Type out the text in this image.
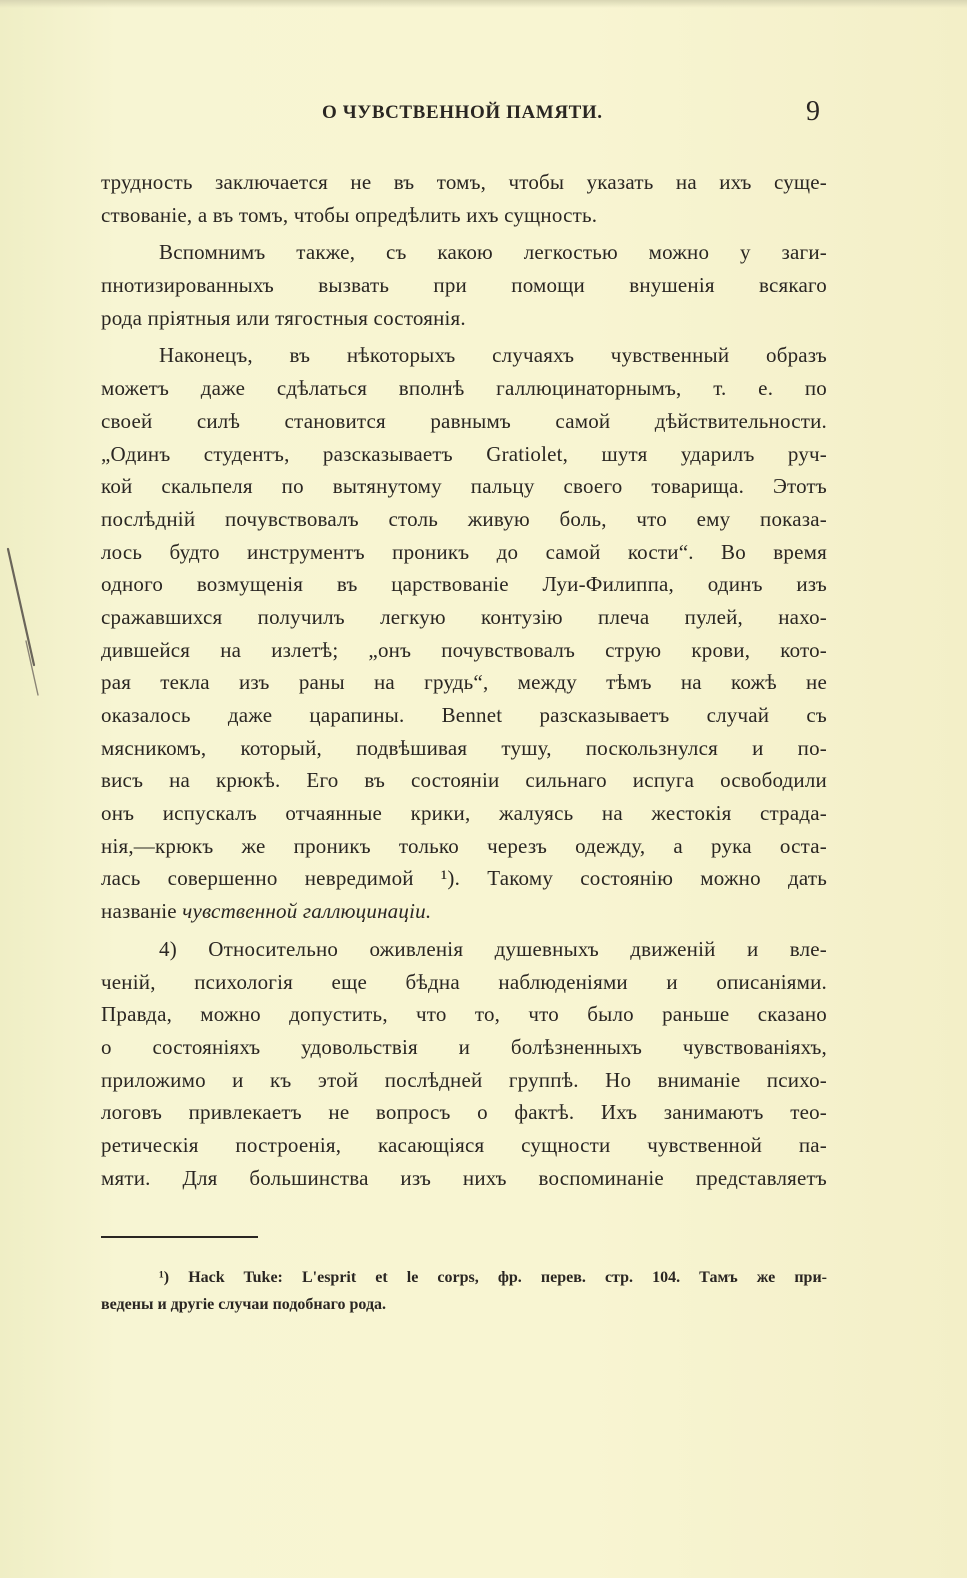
О ЧУВСТВЕННОЙ ПАМЯТИ.	9
трудность заключается не въ томъ, чтобы указать на ихъ суще-
ствованіе, а въ томъ, чтобы опредѣлить ихъ сущность.
Вспомнимъ также, съ какою легкостью можно у заги-
пнотизированныхъ вызвать при помощи внушенія всякаго
рода пріятныя или тягостныя состоянія.
Наконецъ, въ нѣкоторыхъ случаяхъ чувственный образъ
можетъ даже сдѣлаться вполнѣ галлюцинаторнымъ, т. е. по
своей силѣ становится равнымъ самой дѣйствительности.
„Одинъ студентъ, разсказываетъ Gratiolet, шутя ударилъ руч-
кой скальпеля по вытянутому пальцу своего товарища. Этотъ
послѣдній почувствовалъ столь живую боль, что ему показа-
лось будто инструментъ проникъ до самой кости“. Во время
одного возмущенія въ царствованіе Луи-Филиппа, одинъ изъ
сражавшихся получилъ легкую контузію плеча пулей, нахо-
дившейся на излетѣ; „онъ почувствовалъ струю крови, кото-
рая текла изъ раны на грудь“, между тѣмъ на кожѣ не
оказалось даже царапины. Bennet разсказываетъ случай съ
мясникомъ, который, подвѣшивая тушу, поскользнулся и по-
висъ на крюкѣ. Его въ состояніи сильнаго испуга освободили
онъ испускалъ отчаянные крики, жалуясь на жестокія страда-
нія,—крюкъ же проникъ только черезъ одежду, а рука оста-
лась совершенно невредимой ¹). Такому состоянію можно дать
названіе чувственной галлюцинаціи.
4) Относительно оживленія душевныхъ движеній и вле-
ченій, психологія еще бѣдна наблюденіями и описаніями.
Правда, можно допустить, что то, что было раньше сказано
о состояніяхъ удовольствія и болѣзненныхъ чувствованіяхъ,
приложимо и къ этой послѣдней группѣ. Но вниманіе психо-
логовъ привлекаетъ не вопросъ о фактѣ. Ихъ занимаютъ тео-
ретическія построенія, касающіяся сущности чувственной па-
мяти. Для большинства изъ нихъ воспоминаніе представляетъ
¹) Hack Tuke: L'esprit et le corps, фр. перев. стр. 104. Тамъ же при-
ведены и другіе случаи подобнаго рода.
